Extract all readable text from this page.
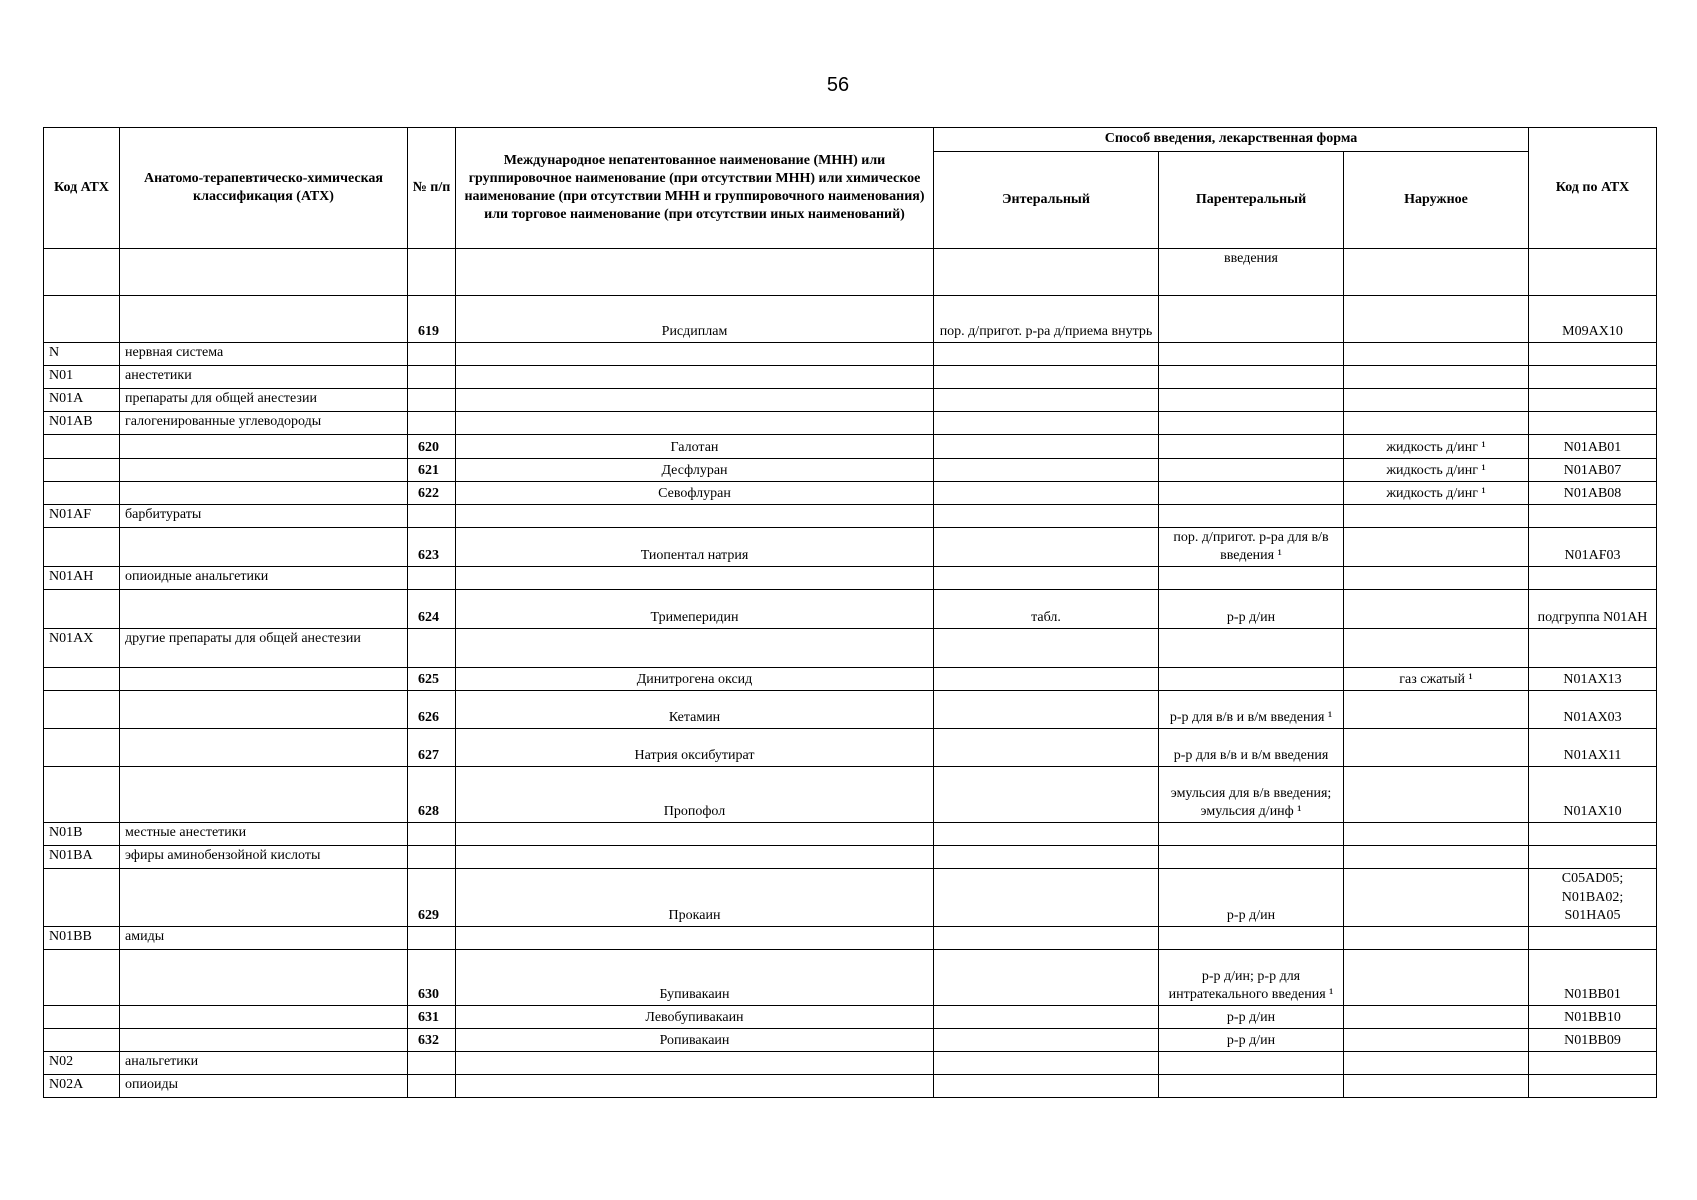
56
Код АТХ	Анатомо-терапевтическо-химическая классификация (АТХ)	№ п/п	Международное непатентованное наименование (МНН) или группировочное наименование (при отсутствии МНН) или химическое наименование (при отсутствии МНН и группировочного наименования) или торговое наименование (при отсутствии иных наименований)	Способ введения, лекарственная форма			Код по АТХ
				Энтеральный	Парентеральный	Наружное	
					введения		
		619	Рисдиплам	пор. д/пригот. р-ра д/приема внутрь			M09AX10
N	нервная система						
N01	анестетики						
N01A	препараты для общей анестезии						
N01AB	галогенированные углеводороды						
		620	Галотан			жидкость д/инг ¹	N01AB01
		621	Десфлуран			жидкость д/инг ¹	N01AB07
		622	Севофлуран			жидкость д/инг ¹	N01AB08
N01AF	барбитураты						
		623	Тиопентал натрия		пор. д/пригот. р-ра для в/в введения ¹		N01AF03
N01AH	опиоидные анальгетики						
		624	Тримеперидин	табл.	р-р д/ин		подгруппа N01AH
N01AX	другие препараты для общей анестезии						
		625	Динитрогена оксид			газ сжатый ¹	N01AX13
		626	Кетамин		р-р для в/в и в/м введения ¹		N01AX03
		627	Натрия оксибутират		р-р для в/в и в/м введения		N01AX11
		628	Пропофол		эмульсия для в/в введения; эмульсия д/инф ¹		N01AX10
N01B	местные анестетики						
N01BA	эфиры аминобензойной кислоты						
		629	Прокаин		р-р д/ин		C05AD05; N01BA02; S01HA05
N01BB	амиды						
		630	Бупивакаин		р-р д/ин; р-р для интратекального введения ¹		N01BB01
		631	Левобупивакаин		р-р д/ин		N01BB10
		632	Ропивакаин		р-р д/ин		N01BB09
N02	анальгетики						
N02A	опиоиды						
